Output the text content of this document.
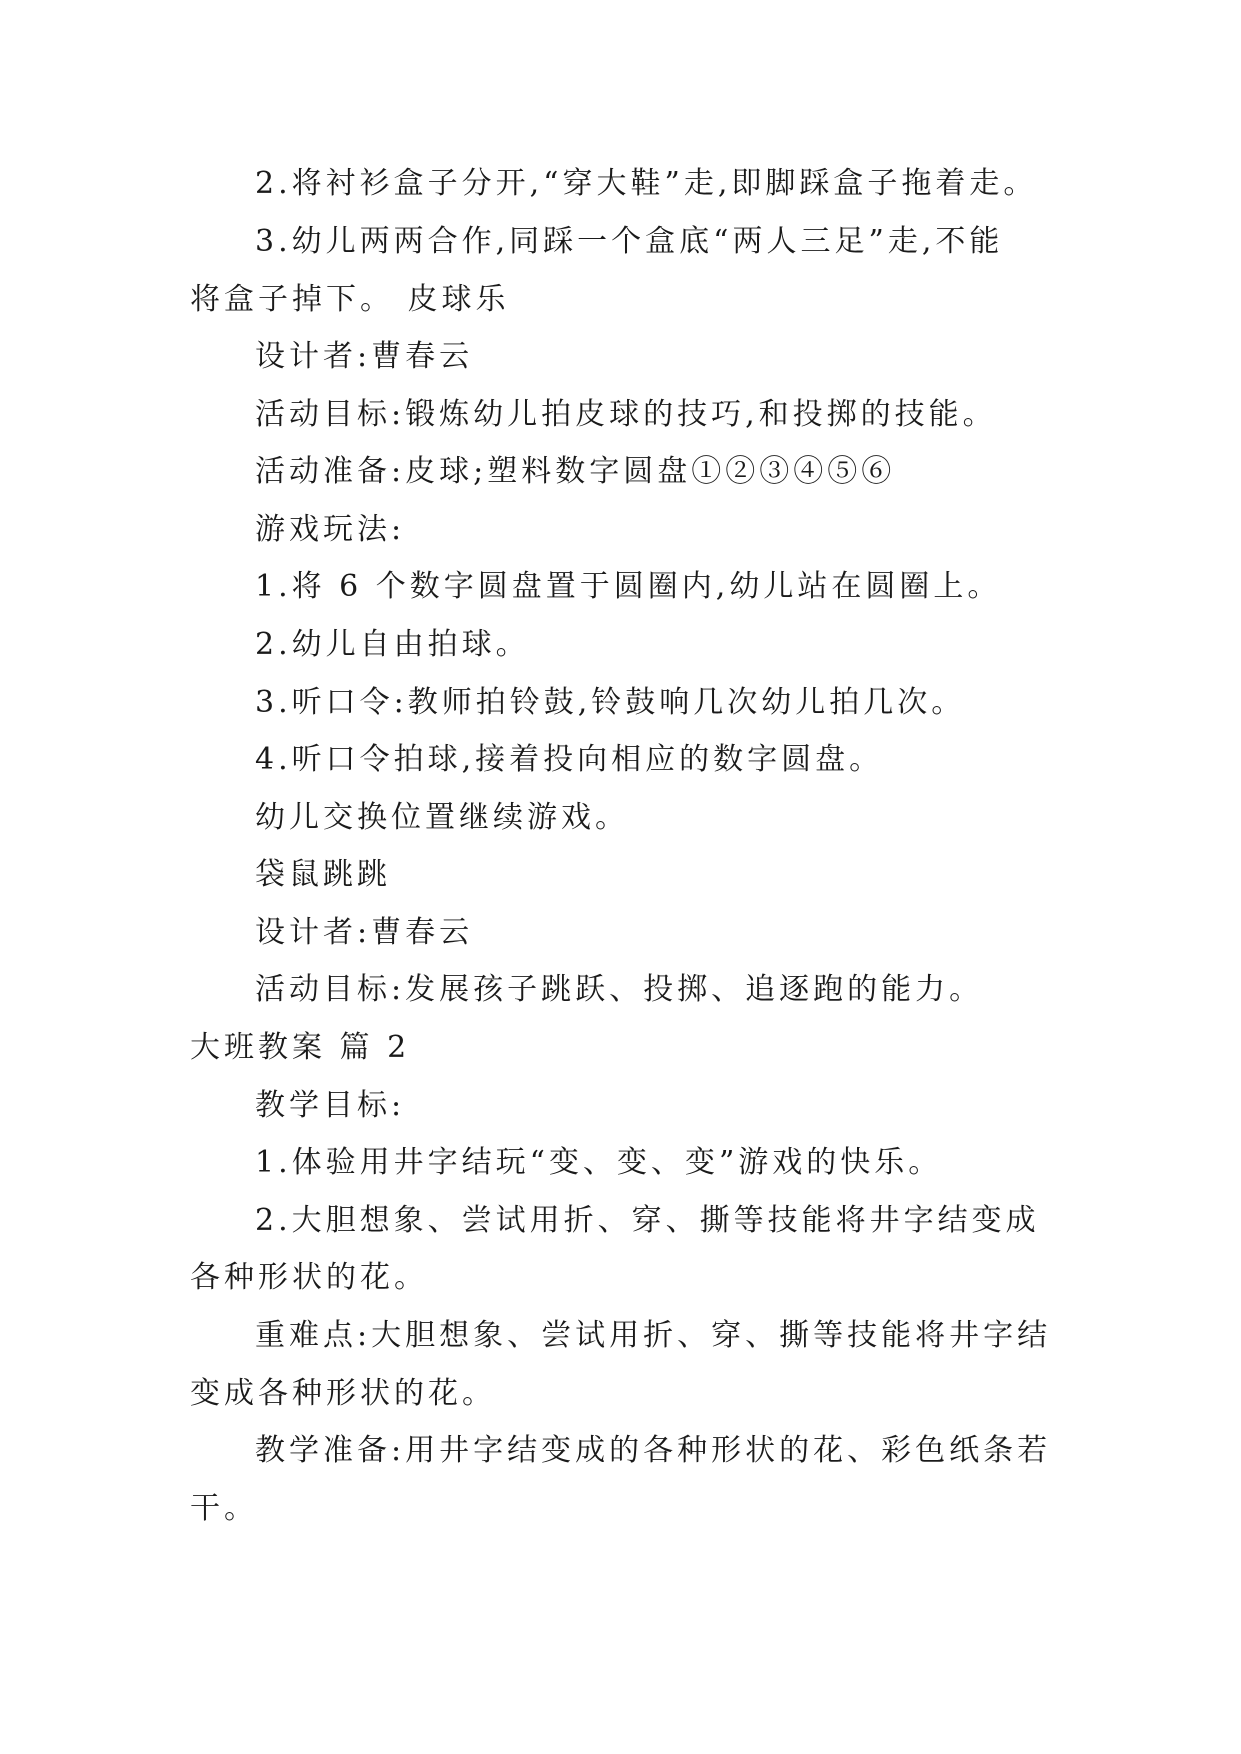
2.将衬衫盒子分开,“穿大鞋”走,即脚踩盒子拖着走。
3.幼儿两两合作,同踩一个盒底“两人三足”走,不能
将盒子掉下。 皮球乐
设计者:曹春云
活动目标:锻炼幼儿拍皮球的技巧,和投掷的技能。
活动准备:皮球;塑料数字圆盘①②③④⑤⑥
游戏玩法:
1.将 6 个数字圆盘置于圆圈内,幼儿站在圆圈上。
2.幼儿自由拍球。
3.听口令:教师拍铃鼓,铃鼓响几次幼儿拍几次。
4.听口令拍球,接着投向相应的数字圆盘。
幼儿交换位置继续游戏。
袋鼠跳跳
设计者:曹春云
活动目标:发展孩子跳跃、投掷、追逐跑的能力。
大班教案 篇 2
教学目标:
1.体验用井字结玩“变、变、变”游戏的快乐。
2.大胆想象、尝试用折、穿、撕等技能将井字结变成
各种形状的花。
重难点:大胆想象、尝试用折、穿、撕等技能将井字结
变成各种形状的花。
教学准备:用井字结变成的各种形状的花、彩色纸条若
干。
